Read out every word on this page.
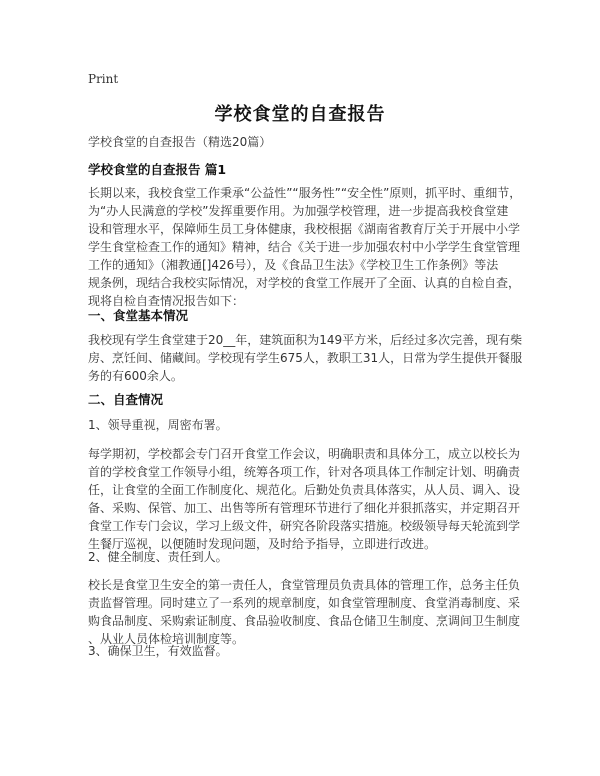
Print
学校食堂的自查报告
学校食堂的自查报告（精选20篇）
学校食堂的自查报告 篇1
长期以来，我校食堂工作秉承“公益性”“服务性”“安全性”原则，抓平时、重细节，
为“办人民满意的学校”发挥重要作用。为加强学校管理，进一步提高我校食堂建
设和管理水平，保障师生员工身体健康，我校根据《湖南省教育厅关于开展中小学
学生食堂检查工作的通知》精神，结合《关于进一步加强农村中小学学生食堂管理
工作的通知》（湘教通[]426号），及《食品卫生法》《学校卫生工作条例》等法
规条例，现结合我校实际情况，对学校的食堂工作展开了全面、认真的自检自查，
现将自检自查情况报告如下：
一、食堂基本情况
我校现有学生食堂建于20__年，建筑面积为149平方米，后经过多次完善，现有柴
房、烹饪间、储藏间。学校现有学生675人，教职工31人，日常为学生提供开餐服
务的有600余人。
二、自查情况
1、领导重视，周密布署。
每学期初，学校都会专门召开食堂工作会议，明确职责和具体分工，成立以校长为
首的学校食堂工作领导小组，统筹各项工作，针对各项具体工作制定计划、明确责
任，让食堂的全面工作制度化、规范化。后勤处负责具体落实，从人员、调入、设
备、采购、保管、加工、出售等所有管理环节进行了细化并狠抓落实，并定期召开
食堂工作专门会议，学习上级文件，研究各阶段落实措施。校级领导每天轮流到学
生餐厅巡视，以便随时发现问题，及时给予指导，立即进行改进。
2、健全制度、责任到人。
校长是食堂卫生安全的第一责任人，食堂管理员负责具体的管理工作，总务主任负
责监督管理。同时建立了一系列的规章制度，如食堂管理制度、食堂消毒制度、采
购食品制度、采购索证制度、食品验收制度、食品仓储卫生制度、烹调间卫生制度
、从业人员体检培训制度等。
3、确保卫生，有效监督。
